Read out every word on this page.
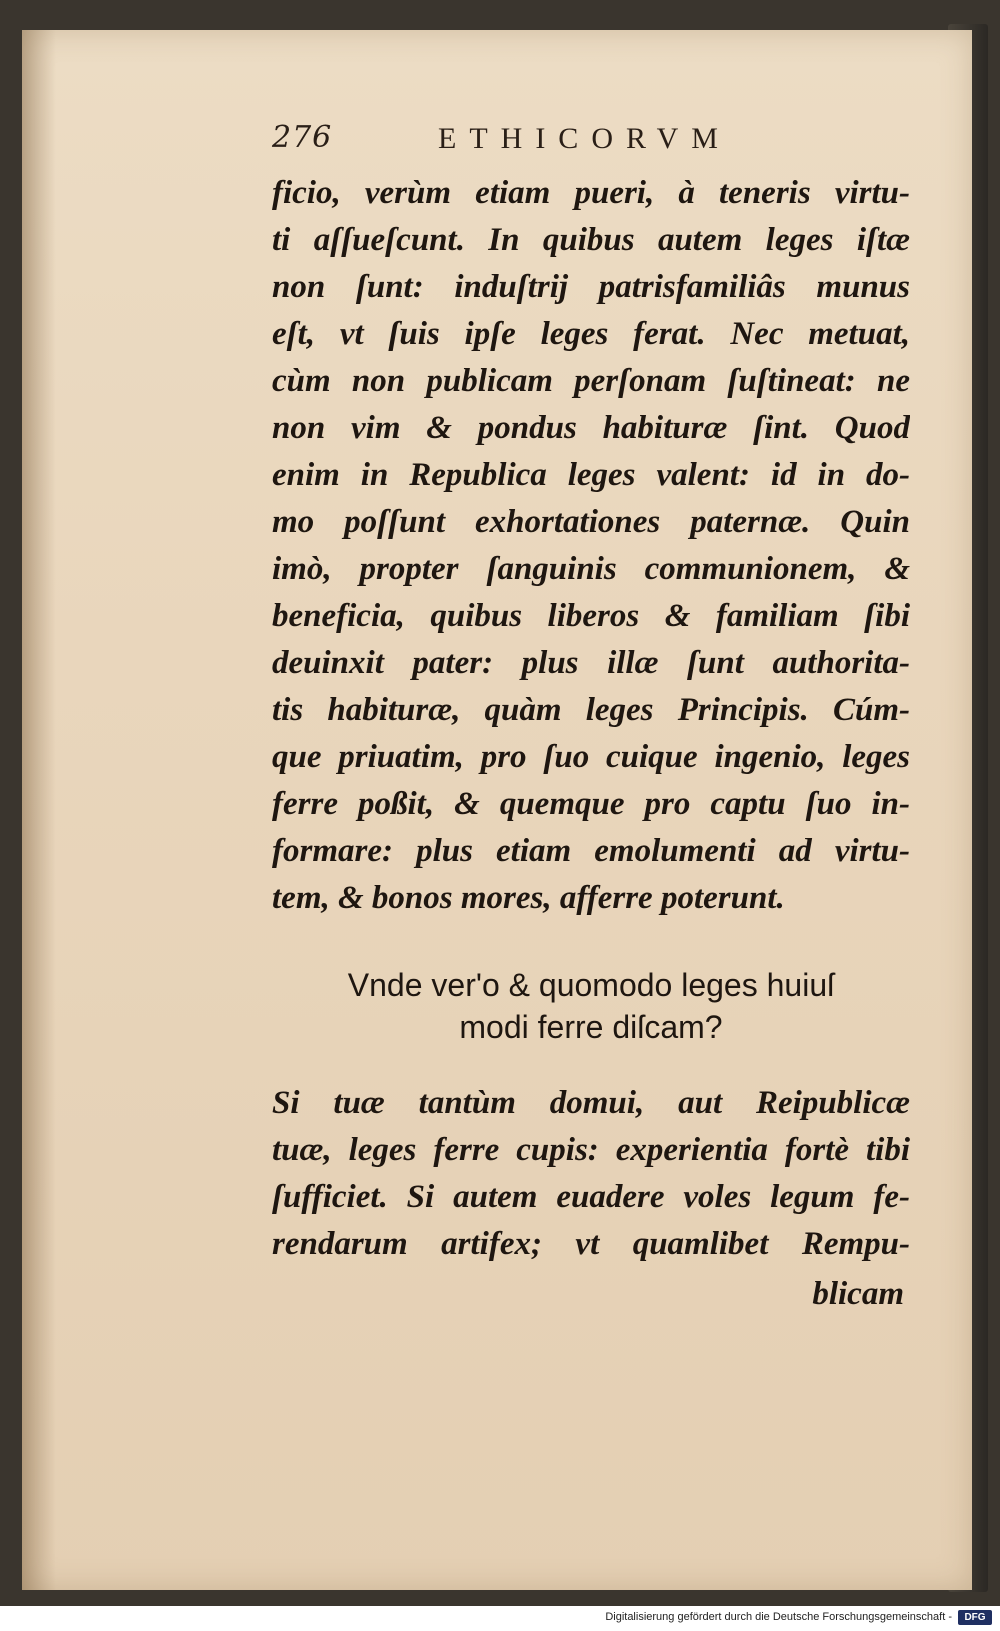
276	ETHICORVM
ficio, verùm etiam pueri, à teneris virtu-
ti aſſueſcunt. In quibus autem leges iſtæ
non ſunt: induſtrij patrisfamiliâs munus
eſt, vt ſuis ipſe leges ferat. Nec metuat,
cùm non publicam perſonam ſuſtineat: ne
non vim & pondus habituræ ſint. Quod
enim in Republica leges valent: id in do-
mo poſſunt exhortationes paternæ. Quin
imò, propter ſanguinis communionem, &
beneficia, quibus liberos & familiam ſibi
deuinxit pater: plus illæ ſunt authorita-
tis habituræ, quàm leges Principis. Cúm-
que priuatim, pro ſuo cuique ingenio, leges
ferre poßit, & quemque pro captu ſuo in-
formare: plus etiam emolumenti ad virtu-
tem, & bonos mores, afferre poterunt.
Vnde ver'o & quomodo leges huiuſ
modi ferre diſcam?
Si tuæ tantùm domui, aut Reipublicæ
tuæ, leges ferre cupis: experientia fortè tibi
ſufficiet. Si autem euadere voles legum fe-
rendarum artifex; vt quamlibet Rempu-
blicam
Digitalisierung gefördert durch die Deutsche Forschungsgemeinschaft -	DFG
